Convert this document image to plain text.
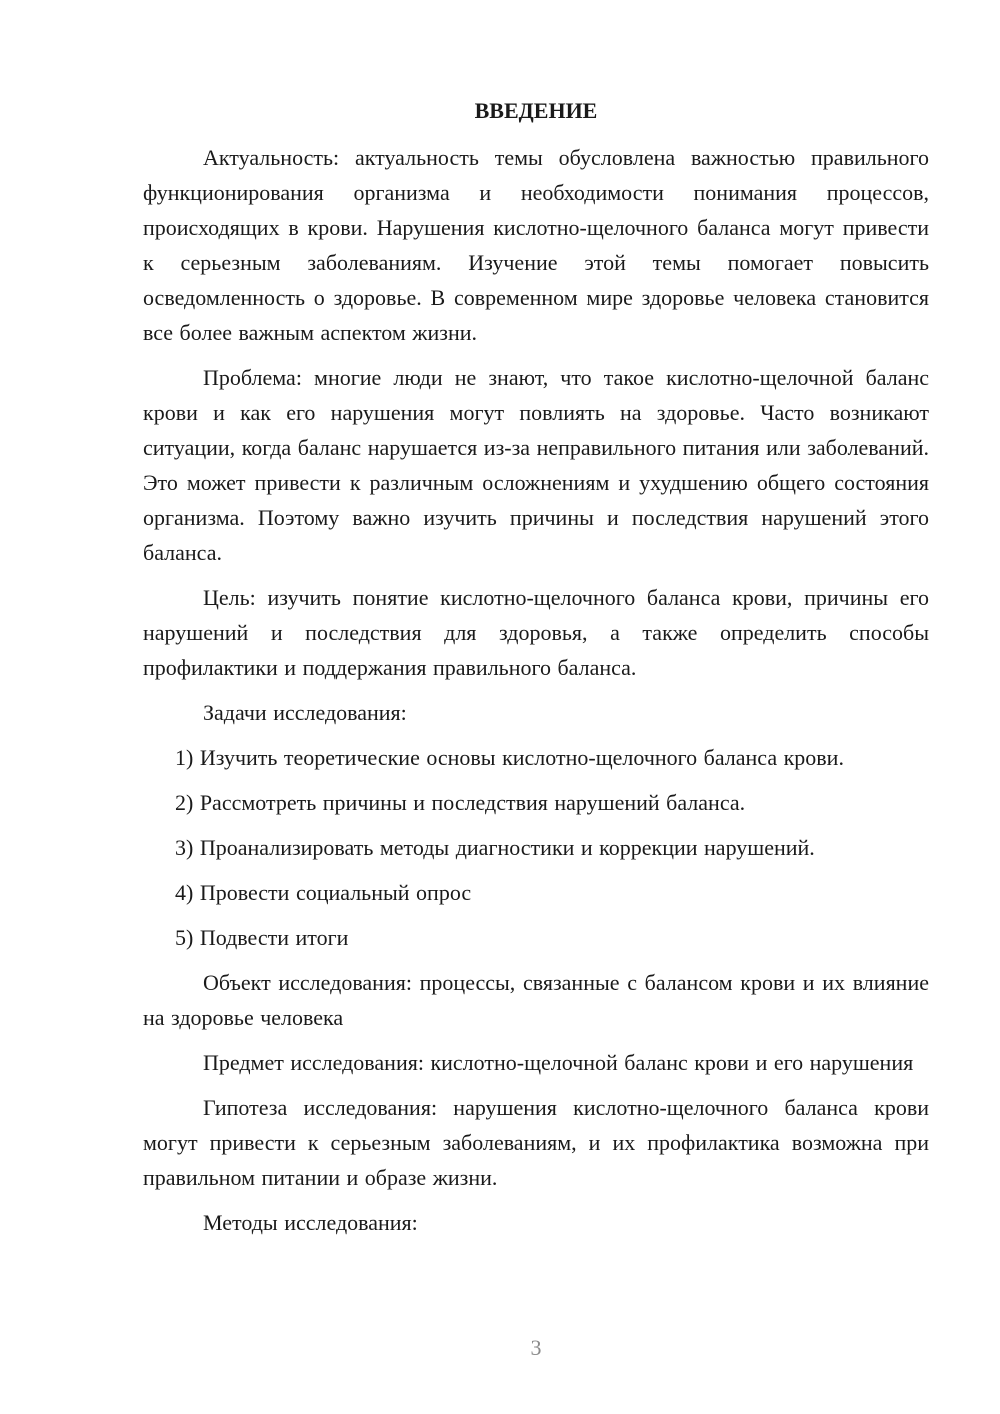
ВВЕДЕНИЕ

Актуальность: актуальность темы обусловлена важностью правильного функционирования организма и необходимости понимания процессов, происходящих в крови. Нарушения кислотно-щелочного баланса могут привести к серьезным заболеваниям. Изучение этой темы помогает повысить осведомленность о здоровье. В современном мире здоровье человека становится все более важным аспектом жизни.

Проблема: многие люди не знают, что такое кислотно-щелочной баланс крови и как его нарушения могут повлиять на здоровье. Часто возникают ситуации, когда баланс нарушается из-за неправильного питания или заболеваний. Это может привести к различным осложнениям и ухудшению общего состояния организма. Поэтому важно изучить причины и последствия нарушений этого баланса.

Цель: изучить понятие кислотно-щелочного баланса крови, причины его нарушений и последствия для здоровья, а также определить способы профилактики и поддержания правильного баланса.

Задачи исследования:

1) Изучить теоретические основы кислотно-щелочного баланса крови.

2) Рассмотреть причины и последствия нарушений баланса.

3) Проанализировать методы диагностики и коррекции нарушений.

4) Провести социальный опрос

5) Подвести итоги

Объект исследования: процессы, связанные с балансом крови и их влияние на здоровье человека

Предмет исследования: кислотно-щелочной баланс крови и его нарушения

Гипотеза исследования: нарушения кислотно-щелочного баланса крови могут привести к серьезным заболеваниям, и их профилактика возможна при правильном питании и образе жизни.

Методы исследования:

3
